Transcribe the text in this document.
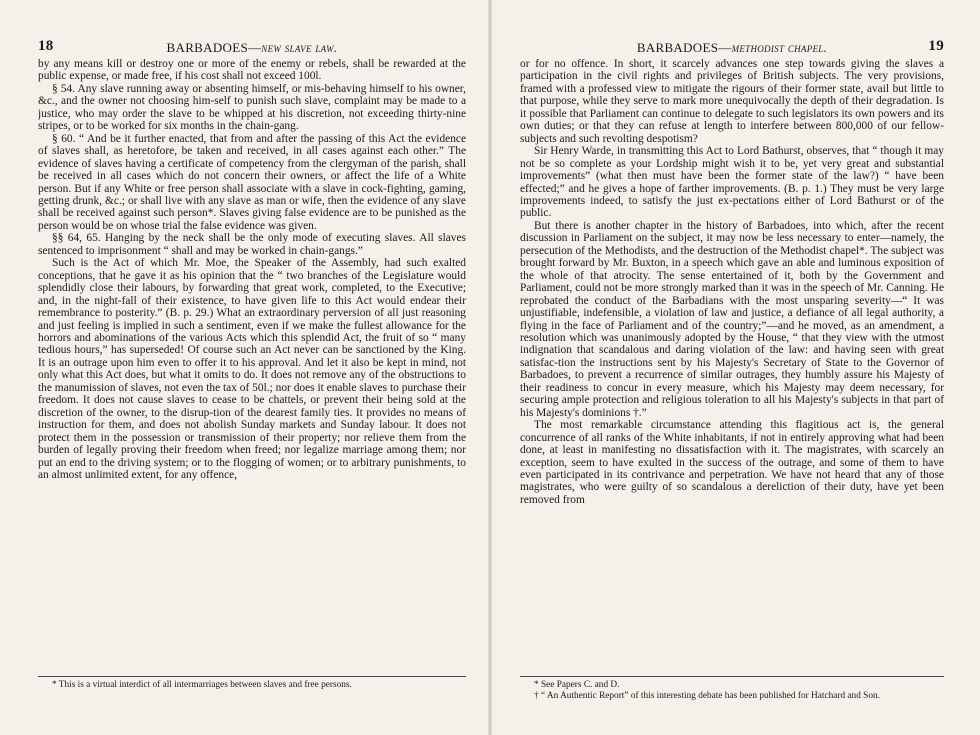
18	BARBADOES—new slave law.

by any means kill or destroy one or more of the enemy or rebels, shall be rewarded at the public expense, or made free, if his cost shall not exceed 100l.

§ 54. Any slave running away or absenting himself, or mis-behaving himself to his owner, &c., and the owner not choosing him-self to punish such slave, complaint may be made to a justice, who may order the slave to be whipped at his discretion, not exceeding thirty-nine stripes, or to be worked for six months in the chain-gang.

§ 60. “ And be it further enacted, that from and after the passing of this Act the evidence of slaves shall, as heretofore, be taken and received, in all cases against each other.” The evidence of slaves having a certificate of competency from the clergyman of the parish, shall be received in all cases which do not concern their owners, or affect the life of a White person. But if any White or free person shall associate with a slave in cock-fighting, gaming, getting drunk, &c.; or shall live with any slave as man or wife, then the evidence of any slave shall be received against such person*. Slaves giving false evidence are to be punished as the person would be on whose trial the false evidence was given.

§§ 64, 65. Hanging by the neck shall be the only mode of executing slaves. All slaves sentenced to imprisonment “ shall and may be worked in chain-gangs.”

Such is the Act of which Mr. Moe, the Speaker of the Assembly, had such exalted conceptions, that he gave it as his opinion that the “ two branches of the Legislature would splendidly close their labours, by forwarding that great work, completed, to the Executive; and, in the night-fall of their existence, to have given life to this Act would endear their remembrance to posterity.” (B. p. 29.) What an extraordinary perversion of all just reasoning and just feeling is implied in such a sentiment, even if we make the fullest allowance for the horrors and abominations of the various Acts which this splendid Act, the fruit of so “ many tedious hours,” has superseded! Of course such an Act never can be sanctioned by the King. It is an outrage upon him even to offer it to his approval. And let it also be kept in mind, not only what this Act does, but what it omits to do. It does not remove any of the obstructions to the manumission of slaves, not even the tax of 50l.; nor does it enable slaves to purchase their freedom. It does not cause slaves to cease to be chattels, or prevent their being sold at the discretion of the owner, to the disrup-tion of the dearest family ties. It provides no means of instruction for them, and does not abolish Sunday markets and Sunday labour. It does not protect them in the possession or transmission of their property; nor relieve them from the burden of legally proving their freedom when freed; nor legalize marriage among them; nor put an end to the driving system; or to the flogging of women; or to arbitrary punishments, to an almost unlimited extent, for any offence,

* This is a virtual interdict of all intermarriages between slaves and free persons.

BARBADOES—methodist chapel.	19

or for no offence. In short, it scarcely advances one step towards giving the slaves a participation in the civil rights and privileges of British subjects. The very provisions, framed with a professed view to mitigate the rigours of their former state, avail but little to that purpose, while they serve to mark more unequivocally the depth of their degradation. Is it possible that Parliament can continue to delegate to such legislators its own powers and its own duties; or that they can refuse at length to interfere between 800,000 of our fellow-subjects and such revolting despotism?

Sir Henry Warde, in transmitting this Act to Lord Bathurst, observes, that “ though it may not be so complete as your Lordship might wish it to be, yet very great and substantial improvements” (what then must have been the former state of the law?) “ have been effected;” and he gives a hope of farther improvements. (B. p. 1.) They must be very large improvements indeed, to satisfy the just ex-pectations either of Lord Bathurst or of the public.

But there is another chapter in the history of Barbadoes, into which, after the recent discussion in Parliament on the subject, it may now be less necessary to enter—namely, the persecution of the Methodists, and the destruction of the Methodist chapel*. The subject was brought forward by Mr. Buxton, in a speech which gave an able and luminous exposition of the whole of that atrocity. The sense entertained of it, both by the Government and Parliament, could not be more strongly marked than it was in the speech of Mr. Canning. He reprobated the conduct of the Barbadians with the most unsparing severity—“ It was unjustifiable, indefensible, a violation of law and justice, a defiance of all legal authority, a flying in the face of Parliament and of the country;”—and he moved, as an amendment, a resolution which was unanimously adopted by the House, “ that they view with the utmost indignation that scandalous and daring violation of the law: and having seen with great satisfac-tion the instructions sent by his Majesty's Secretary of State to the Governor of Barbadoes, to prevent a recurrence of similar outrages, they humbly assure his Majesty of their readiness to concur in every measure, which his Majesty may deem necessary, for securing ample protection and religious toleration to all his Majesty's subjects in that part of his Majesty's dominions †.”

The most remarkable circumstance attending this flagitious act is, the general concurrence of all ranks of the White inhabitants, if not in entirely approving what had been done, at least in manifesting no dissatisfaction with it. The magistrates, with scarcely an exception, seem to have exulted in the success of the outrage, and some of them to have even participated in its contrivance and perpetration. We have not heard that any of those magistrates, who were guilty of so scandalous a dereliction of their duty, have yet been removed from

* See Papers C. and D.

† “ An Authentic Report” of this interesting debate has been published for Hatchard and Son.
